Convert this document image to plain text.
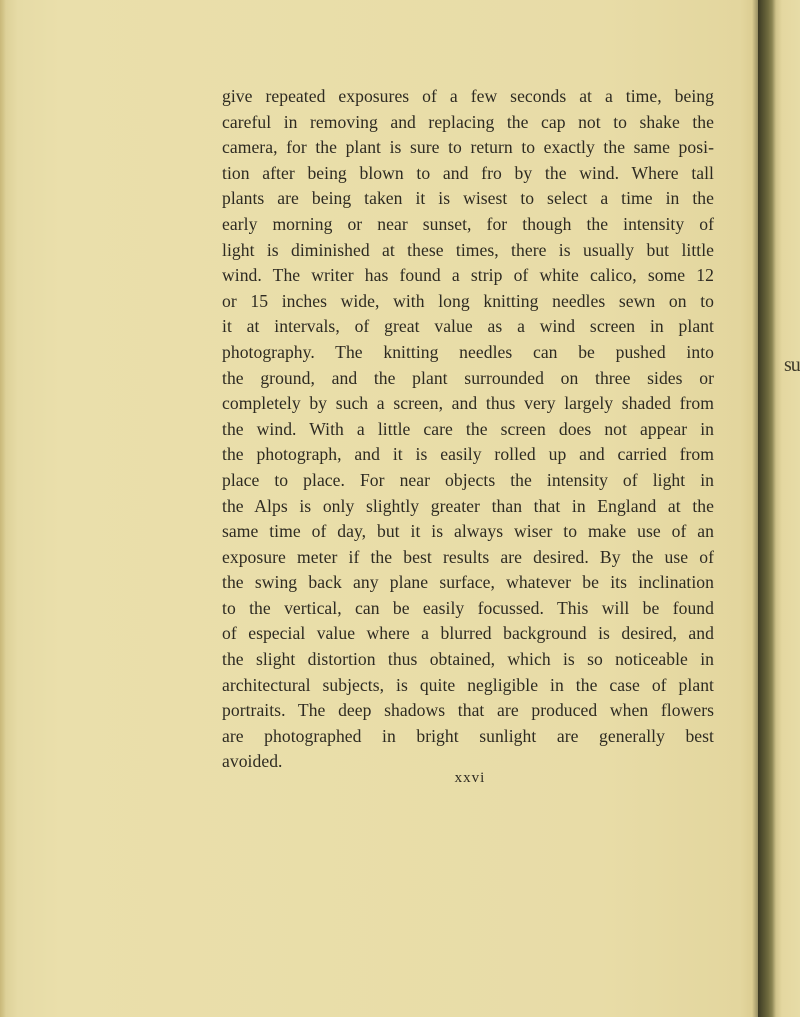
give repeated exposures of a few seconds at a time, being
careful in removing and replacing the cap not to shake the
camera, for the plant is sure to return to exactly the same posi-
tion after being blown to and fro by the wind. Where tall
plants are being taken it is wisest to select a time in the
early morning or near sunset, for though the intensity of
light is diminished at these times, there is usually but little
wind. The writer has found a strip of white calico, some 12
or 15 inches wide, with long knitting needles sewn on to
it at intervals, of great value as a wind screen in plant
photography. The knitting needles can be pushed into
the ground, and the plant surrounded on three sides or
completely by such a screen, and thus very largely shaded from
the wind. With a little care the screen does not appear in
the photograph, and it is easily rolled up and carried from
place to place. For near objects the intensity of light in
the Alps is only slightly greater than that in England at the
same time of day, but it is always wiser to make use of an
exposure meter if the best results are desired. By the use of
the swing back any plane surface, whatever be its inclination
to the vertical, can be easily focussed. This will be found
of especial value where a blurred background is desired, and
the slight distortion thus obtained, which is so noticeable in
architectural subjects, is quite negligible in the case of plant
portraits. The deep shadows that are produced when flowers
are photographed in bright sunlight are generally best
avoided.

xxvi

su
